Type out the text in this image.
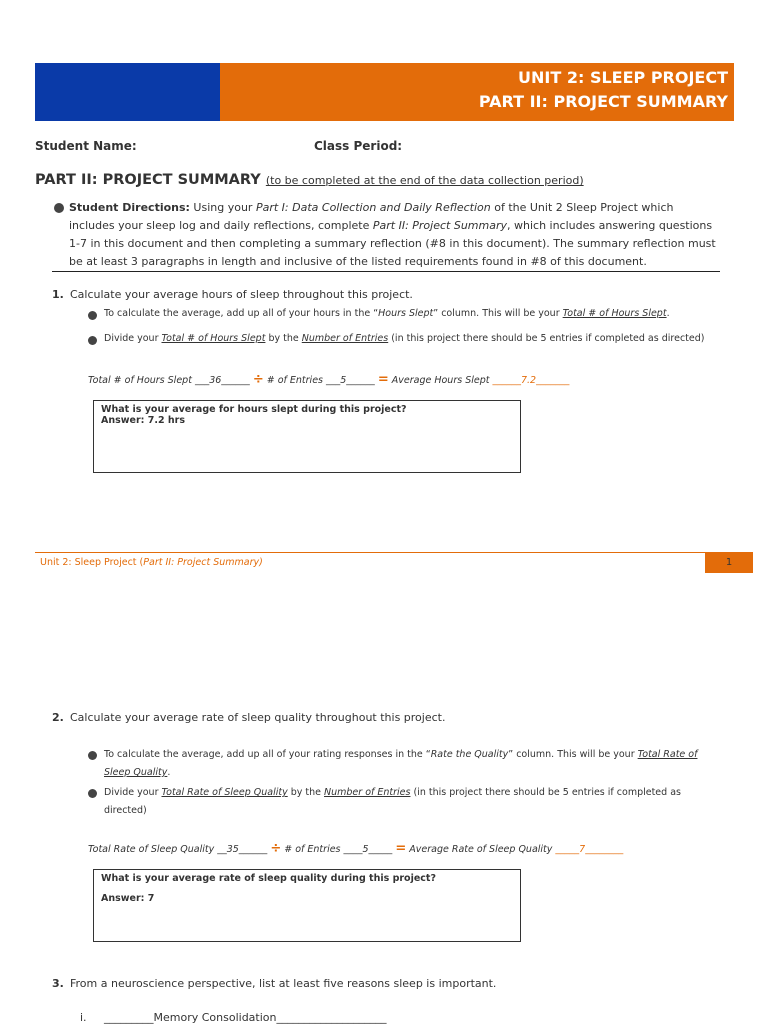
UNIT 2: SLEEP PROJECT
PART II: PROJECT SUMMARY
Student Name:	Class Period:
PART II: PROJECT SUMMARY (to be completed at the end of the data collection period)
Student Directions: Using your Part I: Data Collection and Daily Reflection of the Unit 2 Sleep Project which includes your sleep log and daily reflections, complete Part II: Project Summary, which includes answering questions 1-7 in this document and then completing a summary reflection (#8 in this document). The summary reflection must be at least 3 paragraphs in length and inclusive of the listed requirements found in #8 of this document.
1. Calculate your average hours of sleep throughout this project.
To calculate the average, add up all of your hours in the “Hours Slept” column. This will be your Total # of Hours Slept.
Divide your Total # of Hours Slept by the Number of Entries (in this project there should be 5 entries if completed as directed)
Total # of Hours Slept ___36______ ÷ # of Entries ___5______ = Average Hours Slept ______7.2_______
What is your average for hours slept during this project?
Answer: 7.2 hrs
Unit 2: Sleep Project (Part II: Project Summary)	1
2. Calculate your average rate of sleep quality throughout this project.
To calculate the average, add up all of your rating responses in the “Rate the Quality” column. This will be your Total Rate of Sleep Quality.
Divide your Total Rate of Sleep Quality by the Number of Entries (in this project there should be 5 entries if completed as directed)
Total Rate of Sleep Quality __35______ ÷ # of Entries ____5_____ = Average Rate of Sleep Quality _____7________
What is your average rate of sleep quality during this project?
Answer: 7
3. From a neuroscience perspective, list at least five reasons sleep is important.
i. _________Memory Consolidation____________________
